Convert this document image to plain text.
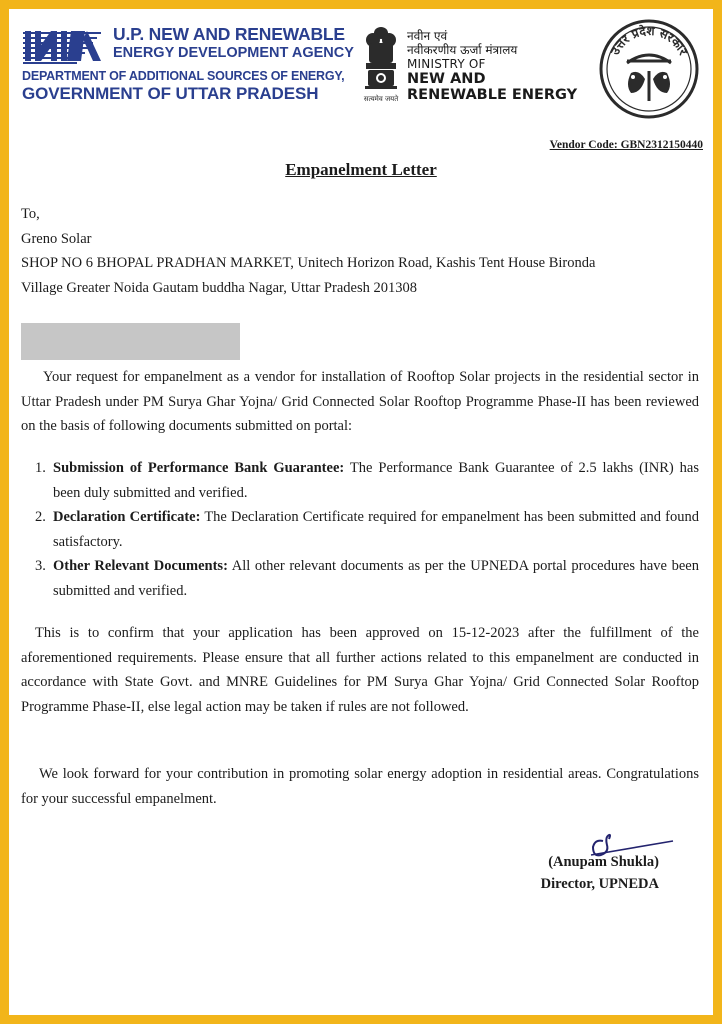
U.P. NEW AND RENEWABLE
ENERGY DEVELOPMENT AGENCY
DEPARTMENT OF ADDITIONAL SOURCES OF ENERGY,
GOVERNMENT OF UTTAR PRADESH	सत्यमेव जयते
नवीन एवं
नवीकरणीय ऊर्जा मंत्रालय
MINISTRY OF
NEW AND
RENEWABLE ENERGY
उत्तर प्रदेश सरकार
Vendor Code: GBN2312150440
Empanelment Letter
To,
Greno Solar
SHOP NO 6 BHOPAL PRADHAN MARKET, Unitech Horizon Road, Kashis Tent House Bironda
Village Greater Noida Gautam buddha Nagar, Uttar Pradesh 201308
Your request for empanelment as a vendor for installation of Rooftop Solar projects in the residential sector in Uttar Pradesh under PM Surya Ghar Yojna/ Grid Connected Solar Rooftop Programme Phase-II has been reviewed on the basis of following documents submitted on portal:
1. Submission of Performance Bank Guarantee: The Performance Bank Guarantee of 2.5 lakhs (INR) has been duly submitted and verified.
2. Declaration Certificate: The Declaration Certificate required for empanelment has been submitted and found satisfactory.
3. Other Relevant Documents: All other relevant documents as per the UPNEDA portal procedures have been submitted and verified.
This is to confirm that your application has been approved on 15-12-2023 after the fulfillment of the aforementioned requirements. Please ensure that all further actions related to this empanelment are conducted in accordance with State Govt. and MNRE Guidelines for PM Surya Ghar Yojna/ Grid Connected Solar Rooftop Programme Phase-II, else legal action may be taken if rules are not followed.
We look forward for your contribution in promoting solar energy adoption in residential areas. Congratulations for your successful empanelment.
(Anupam Shukla)
Director, UPNEDA
